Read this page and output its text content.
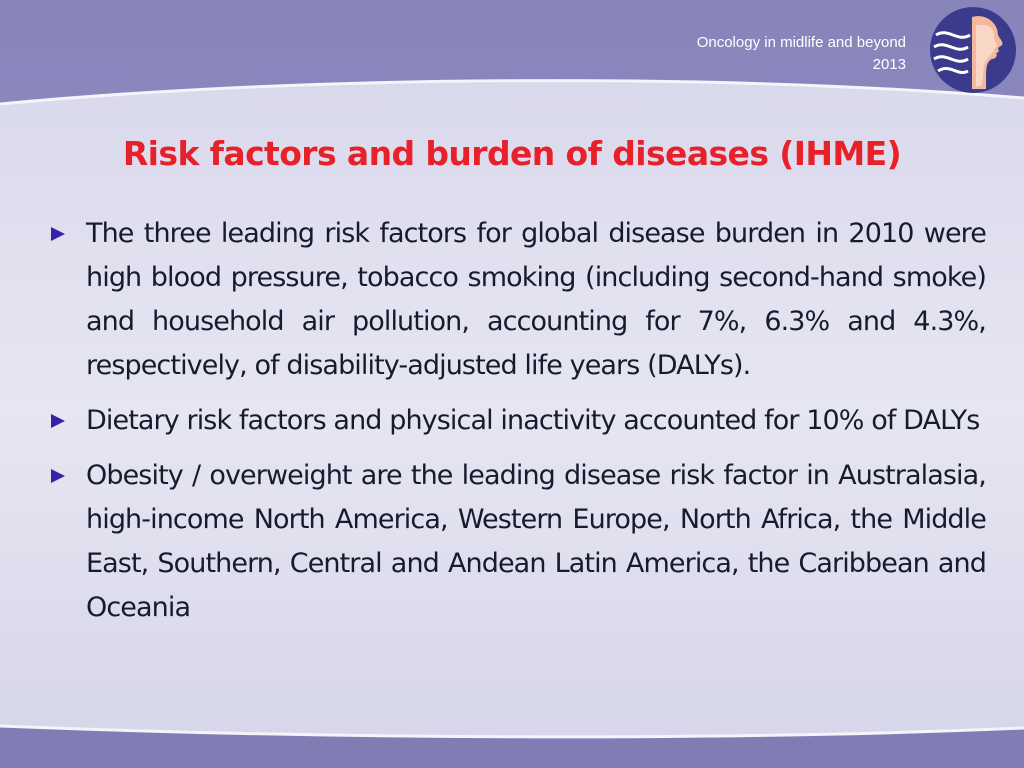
Oncology in midlife and beyond
2013
Risk factors and burden of diseases (IHME)
The three leading risk factors for global disease burden in 2010 were high blood pressure, tobacco smoking (including second-hand smoke) and household air pollution, accounting for 7%, 6.3% and 4.3%, respectively, of disability-adjusted life years (DALYs).
Dietary risk factors and physical inactivity accounted for 10% of DALYs
Obesity / overweight are the leading disease risk factor in Australasia, high-income North America, Western Europe, North Africa, the Middle East, Southern, Central and Andean Latin America, the Caribbean and Oceania
